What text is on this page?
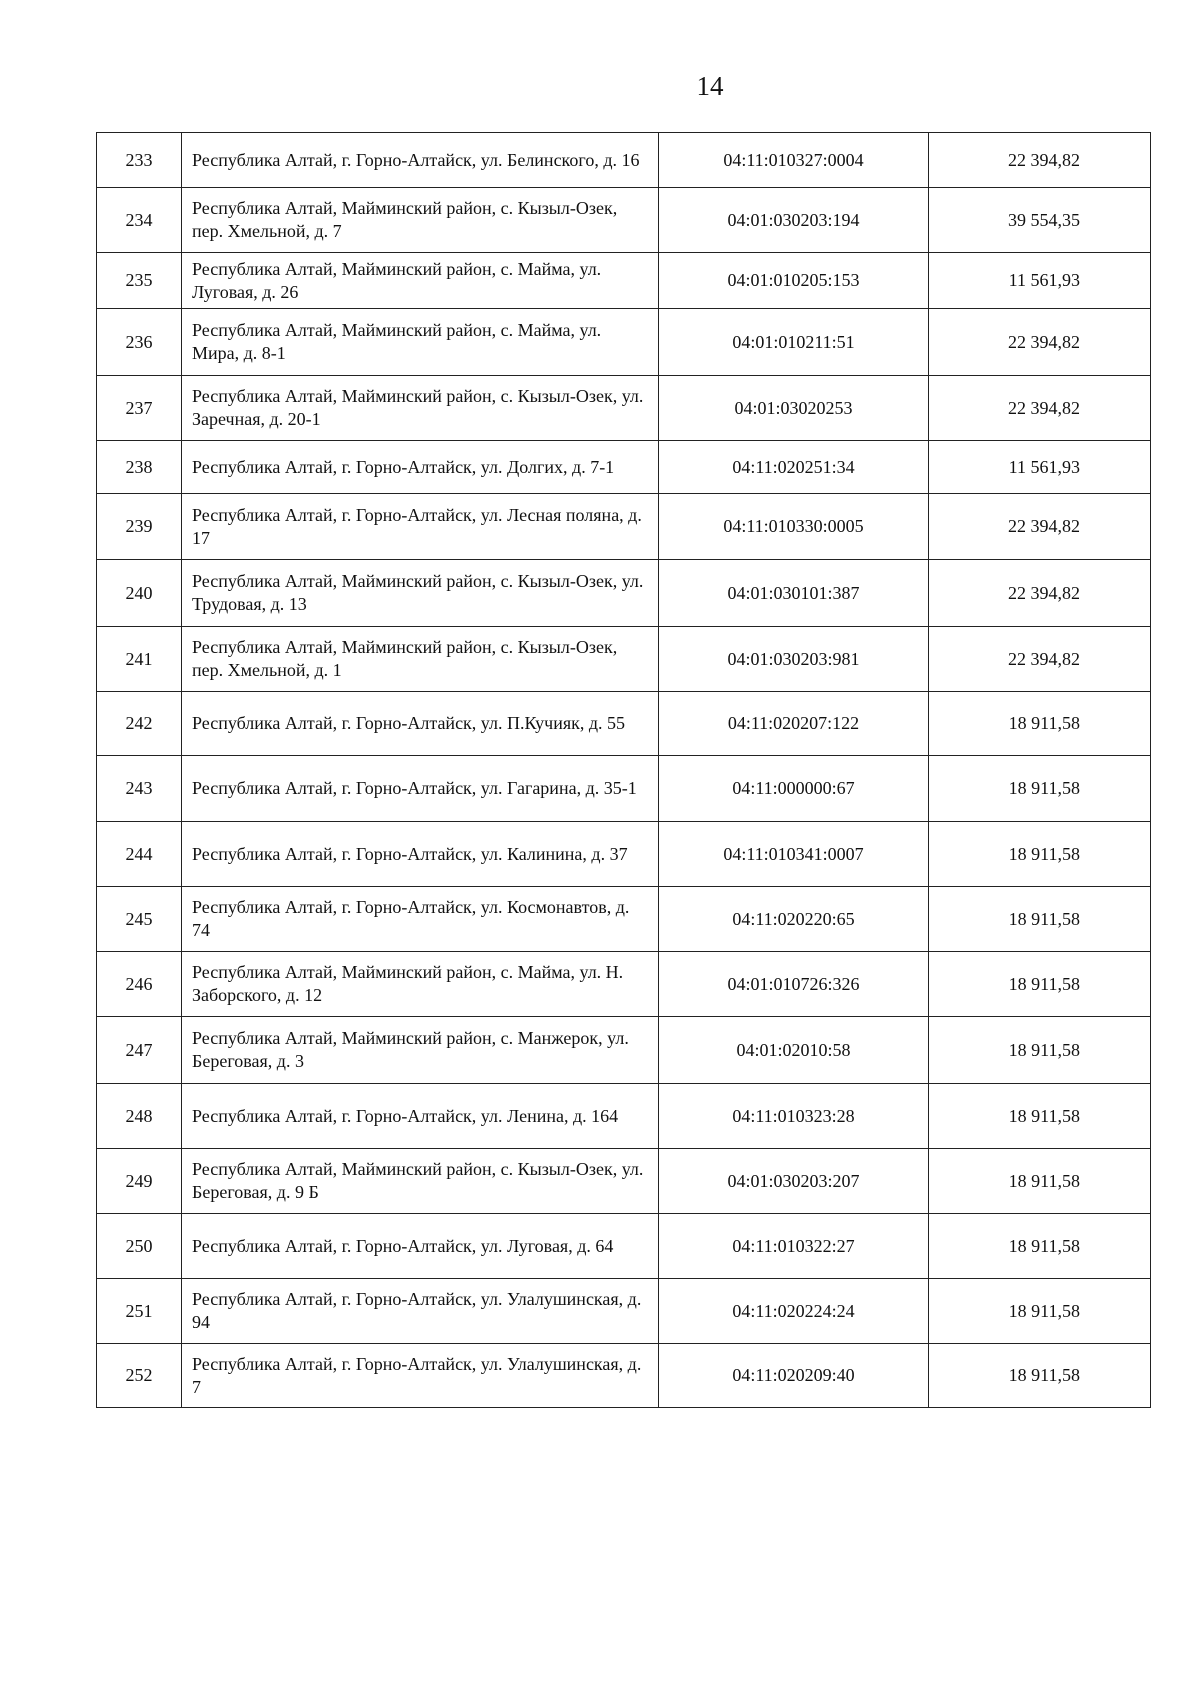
14
233	Республика Алтай, г. Горно-Алтайск, ул. Белинского, д. 16	04:11:010327:0004	22 394,82
234	Республика Алтай, Майминский район, с. Кызыл-Озек, пер. Хмельной, д. 7	04:01:030203:194	39 554,35
235	Республика Алтай, Майминский район, с. Майма, ул. Луговая, д. 26	04:01:010205:153	11 561,93
236	Республика Алтай, Майминский район, с. Майма, ул. Мира, д. 8-1	04:01:010211:51	22 394,82
237	Республика Алтай, Майминский район, с. Кызыл-Озек, ул. Заречная, д. 20-1	04:01:03020253	22 394,82
238	Республика Алтай, г. Горно-Алтайск, ул. Долгих, д. 7-1	04:11:020251:34	11 561,93
239	Республика Алтай, г. Горно-Алтайск, ул. Лесная поляна, д. 17	04:11:010330:0005	22 394,82
240	Республика Алтай, Майминский район, с. Кызыл-Озек, ул. Трудовая, д. 13	04:01:030101:387	22 394,82
241	Республика Алтай, Майминский район, с. Кызыл-Озек, пер. Хмельной, д. 1	04:01:030203:981	22 394,82
242	Республика Алтай, г. Горно-Алтайск, ул. П.Кучияк, д. 55	04:11:020207:122	18 911,58
243	Республика Алтай, г. Горно-Алтайск, ул. Гагарина, д. 35-1	04:11:000000:67	18 911,58
244	Республика Алтай, г. Горно-Алтайск, ул. Калинина, д. 37	04:11:010341:0007	18 911,58
245	Республика Алтай, г. Горно-Алтайск, ул. Космонавтов, д. 74	04:11:020220:65	18 911,58
246	Республика Алтай, Майминский район, с. Майма, ул. Н. Заборского, д. 12	04:01:010726:326	18 911,58
247	Республика Алтай, Майминский район, с. Манжерок, ул. Береговая, д. 3	04:01:02010:58	18 911,58
248	Республика Алтай, г. Горно-Алтайск, ул. Ленина, д. 164	04:11:010323:28	18 911,58
249	Республика Алтай, Майминский район, с. Кызыл-Озек, ул. Береговая, д. 9 Б	04:01:030203:207	18 911,58
250	Республика Алтай, г. Горно-Алтайск, ул. Луговая, д. 64	04:11:010322:27	18 911,58
251	Республика Алтай, г. Горно-Алтайск, ул. Улалушинская, д. 94	04:11:020224:24	18 911,58
252	Республика Алтай, г. Горно-Алтайск, ул. Улалушинская, д. 7	04:11:020209:40	18 911,58
